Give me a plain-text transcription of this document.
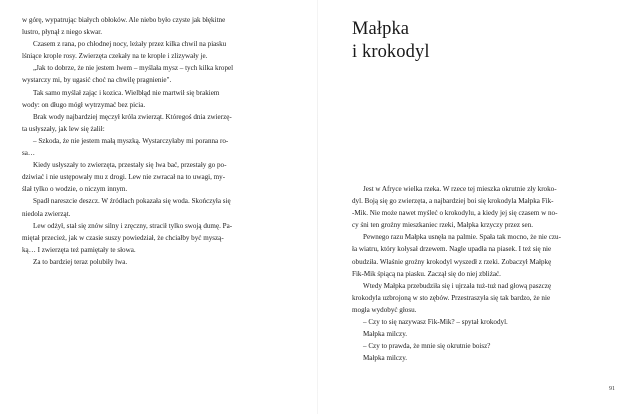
w górę, wypatrując białych obłoków. Ale niebo było czyste jak błękitne
lustro, płynął z niego skwar.

Czasem z rana, po chłodnej nocy, leżały przez kilka chwil na piasku
lśniące krople rosy. Zwierzęta czekały na te krople i zlizywały je.

„Jak to dobrze, że nie jestem lwem – myślała mysz – tych kilka kropel
wystarczy mi, by ugasić choć na chwilę pragnienie".

Tak samo myślał zając i kozica. Wielbłąd nie martwił się brakiem
wody: on długo mógł wytrzymać bez picia.

Brak wody najbardziej męczył króla zwierząt. Któregoś dnia zwierzę-
ta usłyszały, jak lew się żalił:

– Szkoda, że nie jestem małą myszką. Wystarczyłaby mi poranna ro-
sa…

Kiedy usłyszały to zwierzęta, przestały się lwa bać, przestały go po-
dziwiać i nie ustępowały mu z drogi. Lew nie zwracał na to uwagi, my-
ślał tylko o wodzie, o niczym innym.

Spadł nareszcie deszcz. W źródłach pokazała się woda. Skończyła się
niedola zwierząt.

Lew odżył, stał się znów silny i zręczny, stracił tylko swoją dumę. Pa-
miętał przecież, jak w czasie suszy powiedział, że chciałby być myszą-
ką… I zwierzęta też pamiętały te słowa.

Za to bardziej teraz polubiły lwa.

Małpka
i krokodyl

Jest w Afryce wielka rzeka. W rzece tej mieszka okrutnie zły kroko-
dyl. Boją się go zwierzęta, a najbardziej boi się krokodyla Małpka Fik-
-Mik. Nie może nawet myśleć o krokodylu, a kiedy jej się czasem w no-
cy śni ten groźny mieszkaniec rzeki, Małpka krzyczy przez sen.

Pewnego razu Małpka usnęła na palmie. Spała tak mocno, że nie czu-
ła wiatru, który kołysał drzewem. Nagle upadła na piasek. I też się nie
obudziła. Właśnie groźny krokodyl wyszedł z rzeki. Zobaczył Małpkę
Fik-Mik śpiącą na piasku. Zaczął się do niej zbliżać.

Wtedy Małpka przebudziła się i ujrzała tuż-tuż nad głową paszczę
krokodyla uzbrojoną w sto zębów. Przestraszyła się tak bardzo, że nie
mogła wydobyć głosu.

– Czy to się nazywasz Fik-Mik? – spytał krokodyl.

Małpka milczy.

– Czy to prawda, że mnie się okrutnie boisz?

Małpka milczy.

91
